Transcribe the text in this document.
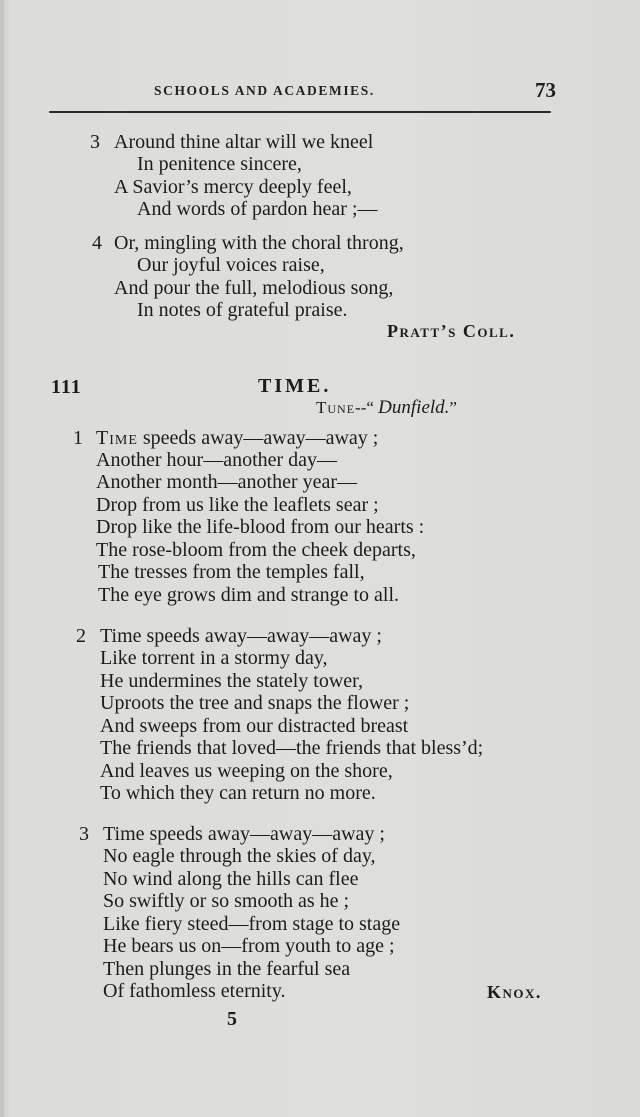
SCHOOLS AND ACADEMIES.	73
3 Around thine altar will we kneel
In penitence sincere,
A Savior’s mercy deeply feel,
And words of pardon hear ;—
4 Or, mingling with the choral throng,
Our joyful voices raise,
And pour the full, melodious song,
In notes of grateful praise.
Pratt’s Coll.
111	TIME.
Tune--“ Dunfield.”
1 Time speeds away—away—away ;
Another hour—another day—
Another month—another year—
Drop from us like the leaflets sear ;
Drop like the life-blood from our hearts :
The rose-bloom from the cheek departs,
The tresses from the temples fall,
The eye grows dim and strange to all.
2 Time speeds away—away—away ;
Like torrent in a stormy day,
He undermines the stately tower,
Uproots the tree and snaps the flower ;
And sweeps from our distracted breast
The friends that loved—the friends that bless’d;
And leaves us weeping on the shore,
To which they can return no more.
3 Time speeds away—away—away ;
No eagle through the skies of day,
No wind along the hills can flee
So swiftly or so smooth as he ;
Like fiery steed—from stage to stage
He bears us on—from youth to age ;
Then plunges in the fearful sea
Of fathomless eternity.	Knox.
5
